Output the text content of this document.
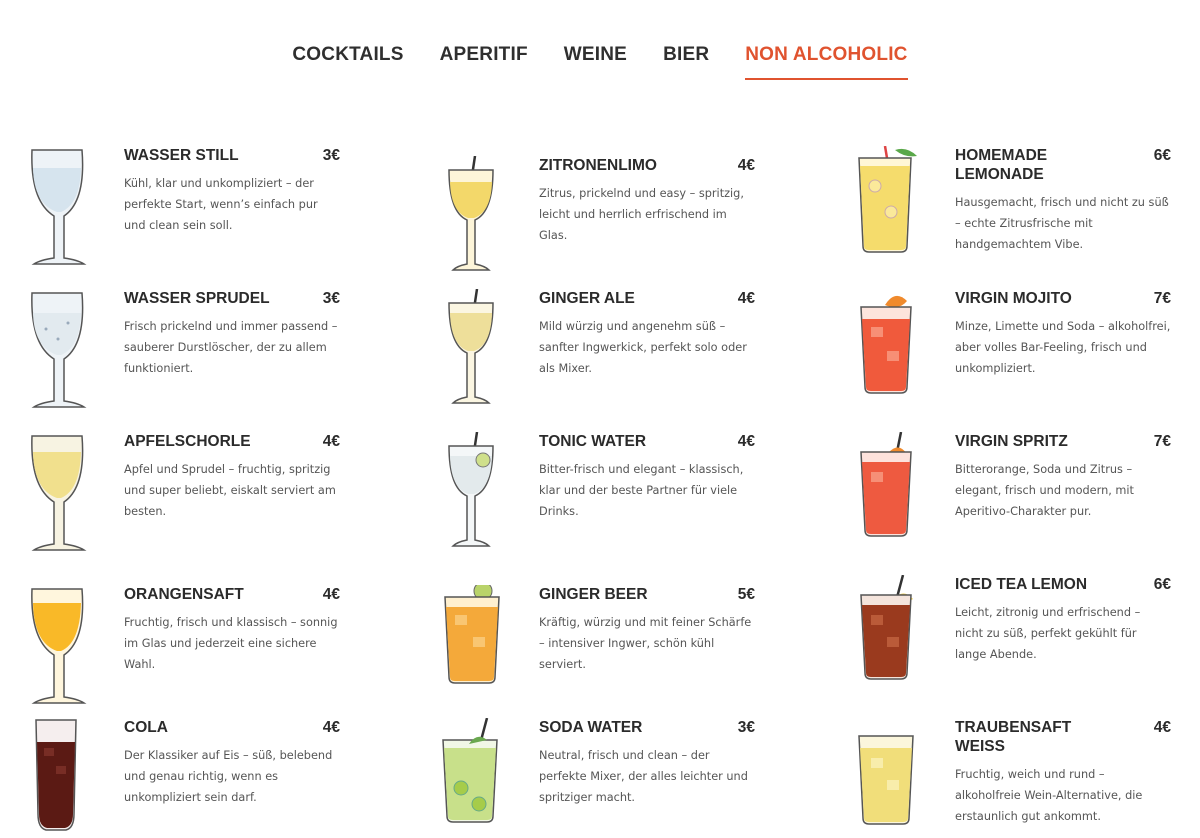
COCKTAILS APERITIF WEINE BIER NON ALCOHOLIC
WASSER STILL	3€

Kühl, klar und unkompliziert – der perfekte Start, wenn’s einfach pur und clean sein soll.

WASSER SPRUDEL	3€

Frisch prickelnd und immer passend – sauberer Durstlöscher, der zu allem funktioniert.

APFELSCHORLE	4€

Apfel und Sprudel – fruchtig, spritzig und super beliebt, eiskalt serviert am besten.

ORANGENSAFT	4€

Fruchtig, frisch und klassisch – sonnig im Glas und jederzeit eine sichere Wahl.

COLA	4€

Der Klassiker auf Eis – süß, belebend und genau richtig, wenn es unkompliziert sein darf.

ZITRONENLIMO	4€

Zitrus, prickelnd und easy – spritzig, leicht und herrlich erfrischend im Glas.

GINGER ALE	4€

Mild würzig und angenehm süß – sanfter Ingwerkick, perfekt solo oder als Mixer.

TONIC WATER	4€

Bitter-frisch und elegant – klassisch, klar und der beste Partner für viele Drinks.

GINGER BEER	5€

Kräftig, würzig und mit feiner Schärfe – intensiver Ingwer, schön kühl serviert.

SODA WATER	3€

Neutral, frisch und clean – der perfekte Mixer, der alles leichter und spritziger macht.

HOMEMADE LEMONADE
6€

Hausgemacht, frisch und nicht zu süß – echte Zitrusfrische mit handgemachtem Vibe.

VIRGIN MOJITO	7€

Minze, Limette und Soda – alkoholfrei, aber volles Bar-Feeling, frisch und unkompliziert.

VIRGIN SPRITZ	7€

Bitterorange, Soda und Zitrus – elegant, frisch und modern, mit Aperitivo-Charakter pur.

ICED TEA LEMON	6€

Leicht, zitronig und erfrischend – nicht zu süß, perfekt gekühlt für lange Abende.

TRAUBENSAFT WEISS
4€

Fruchtig, weich und rund – alkoholfreie Wein-Alternative, die erstaunlich gut ankommt.
